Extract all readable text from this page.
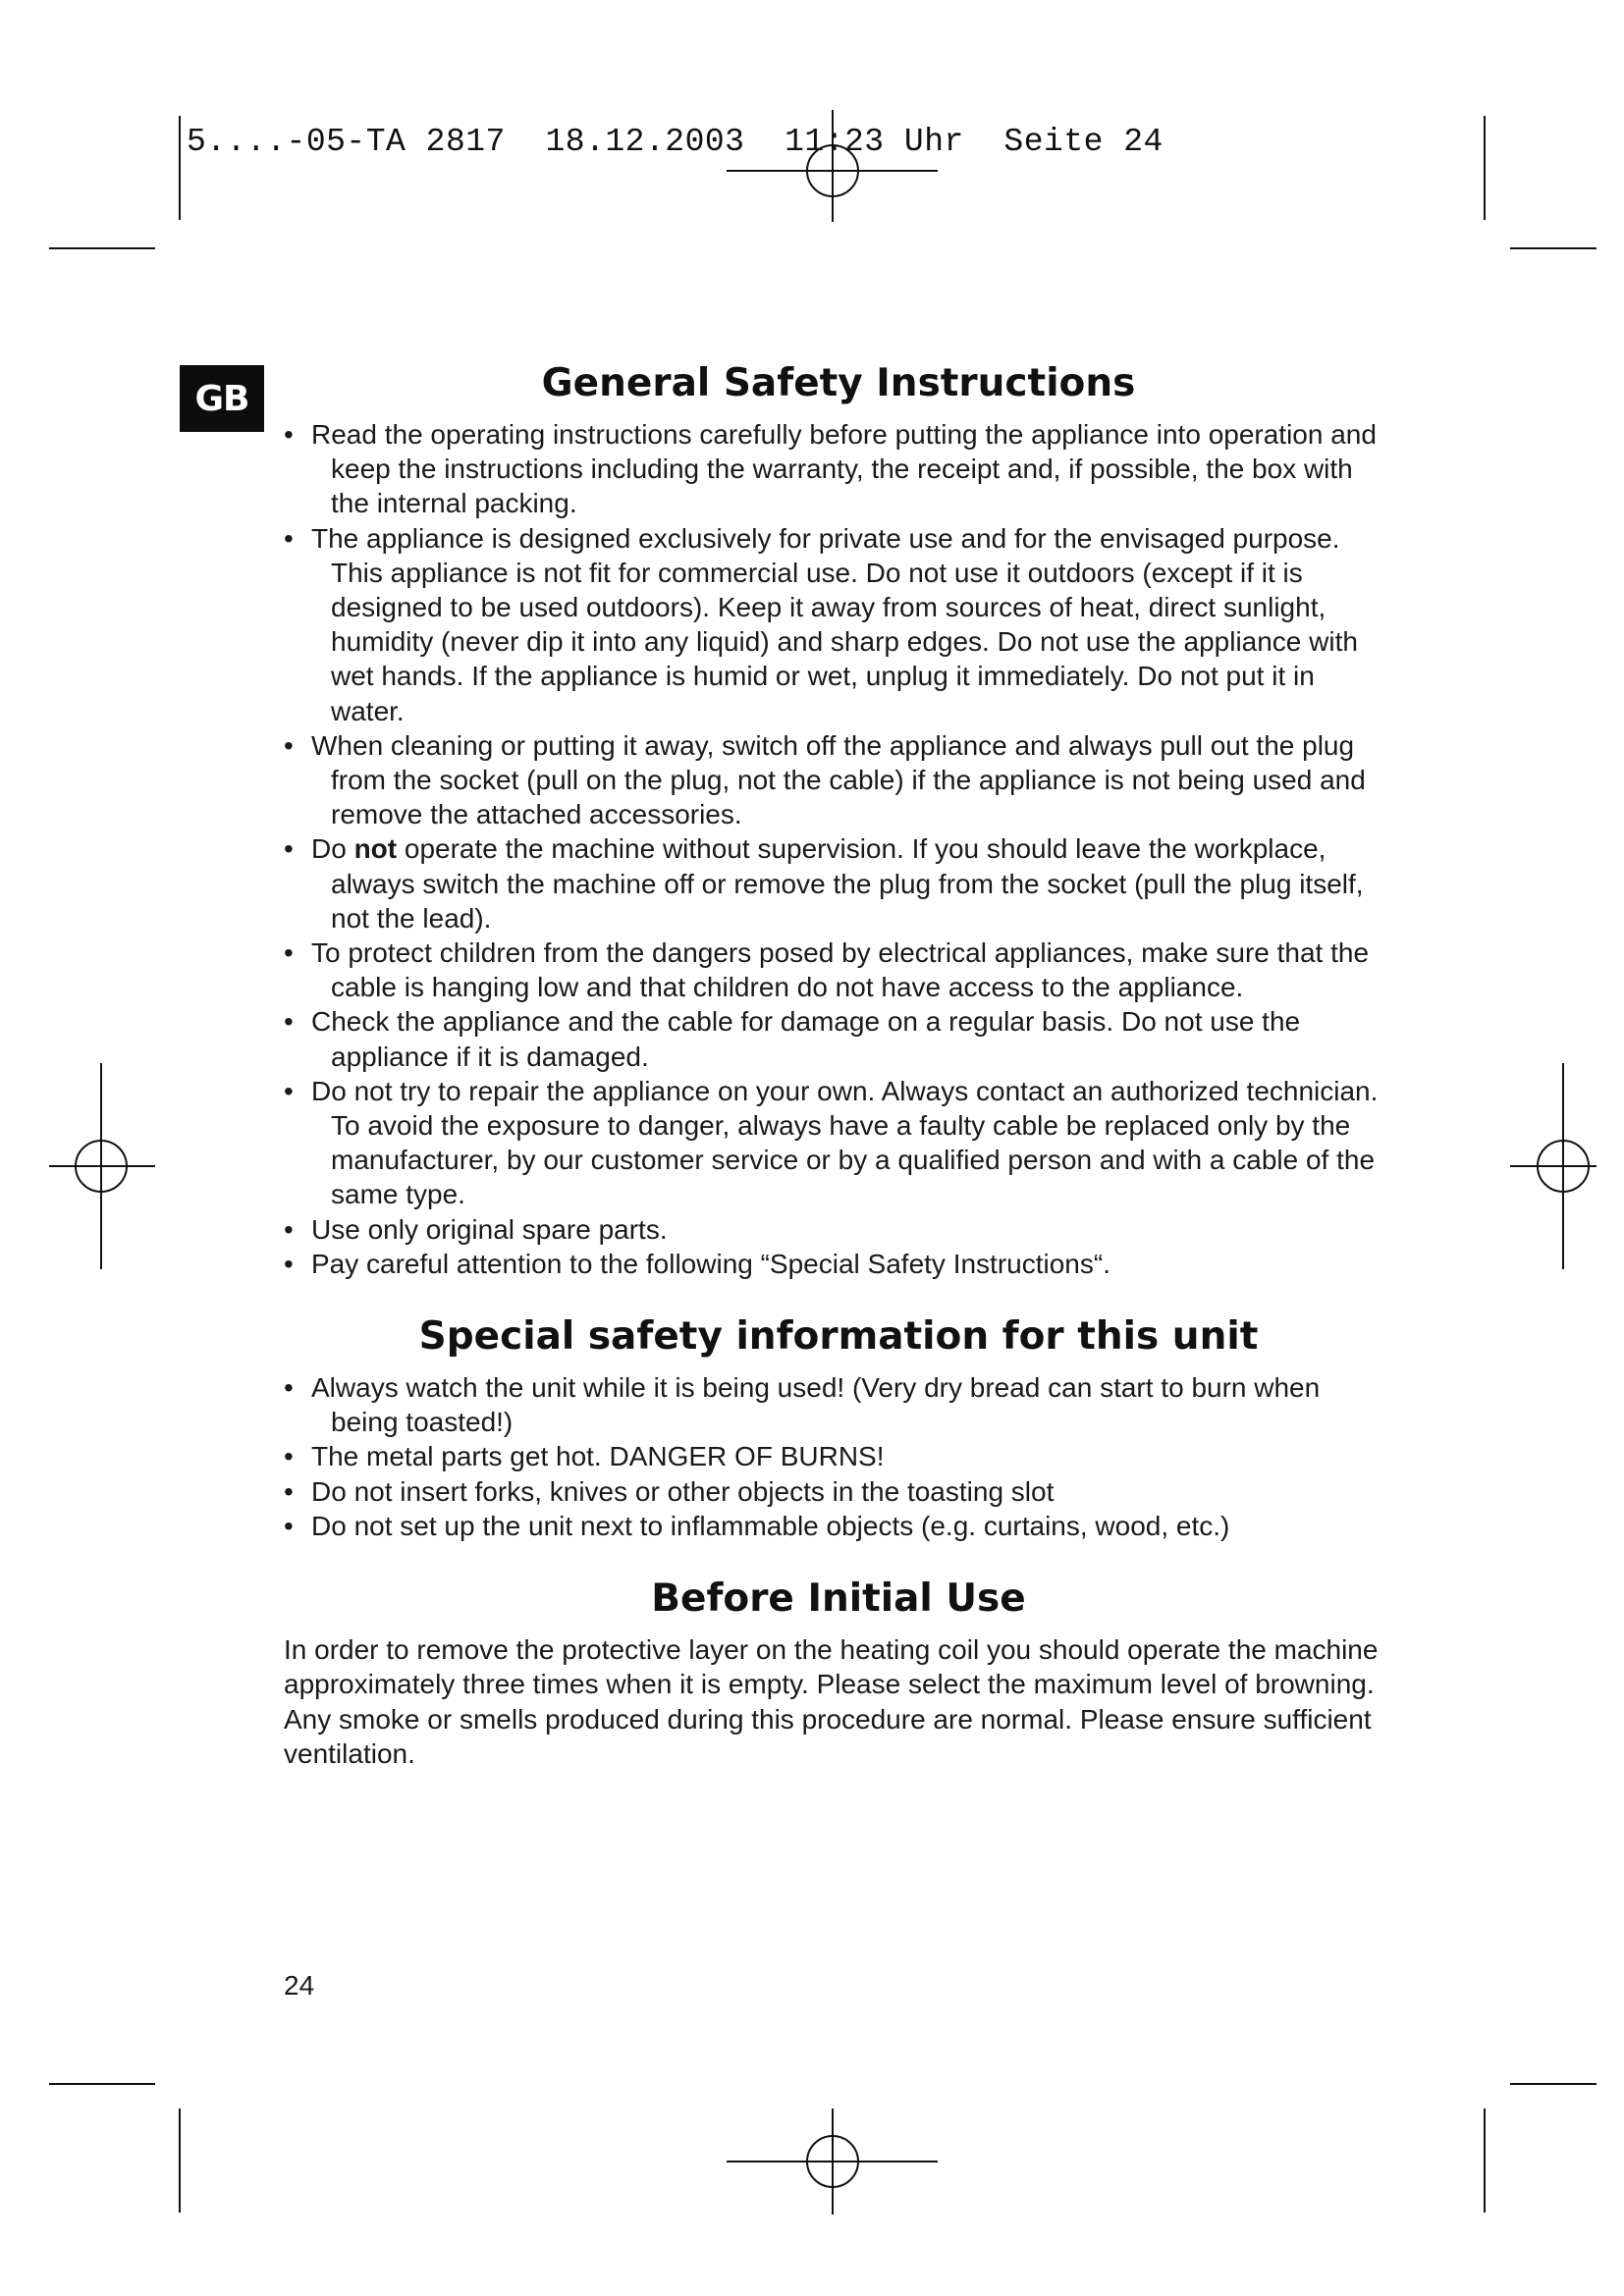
5....-05-TA 2817  18.12.2003  11:23 Uhr  Seite 24
GB	General Safety Instructions
• Read the operating instructions carefully before putting the appliance into operation and keep the instructions including the warranty, the receipt and, if possible, the box with the internal packing.
• The appliance is designed exclusively for private use and for the envisaged purpose. This appliance is not fit for commercial use. Do not use it outdoors (except if it is designed to be used outdoors). Keep it away from sources of heat, direct sunlight, humidity (never dip it into any liquid) and sharp edges. Do not use the appliance with wet hands. If the appliance is humid or wet, unplug it immediately. Do not put it in water.
• When cleaning or putting it away, switch off the appliance and always pull out the plug from the socket (pull on the plug, not the cable) if the appliance is not being used and remove the attached accessories.
• Do not operate the machine without supervision. If you should leave the workplace, always switch the machine off or remove the plug from the socket (pull the plug itself, not the lead).
• To protect children from the dangers posed by electrical appliances, make sure that the cable is hanging low and that children do not have access to the appliance.
• Check the appliance and the cable for damage on a regular basis. Do not use the appliance if it is damaged.
• Do not try to repair the appliance on your own. Always contact an authorized technician. To avoid the exposure to danger, always have a faulty cable be replaced only by the manufacturer, by our customer service or by a qualified person and with a cable of the same type.
• Use only original spare parts.
• Pay careful attention to the following “Special Safety Instructions“.
Special safety information for this unit
• Always watch the unit while it is being used! (Very dry bread can start to burn when being toasted!)
• The metal parts get hot. DANGER OF BURNS!
• Do not insert forks, knives or other objects in the toasting slot
• Do not set up the unit next to inflammable objects (e.g. curtains, wood, etc.)
Before Initial Use

In order to remove the protective layer on the heating coil you should operate the machine approximately three times when it is empty. Please select the maximum level of browning. Any smoke or smells produced during this procedure are normal. Please ensure sufficient ventilation.

24
